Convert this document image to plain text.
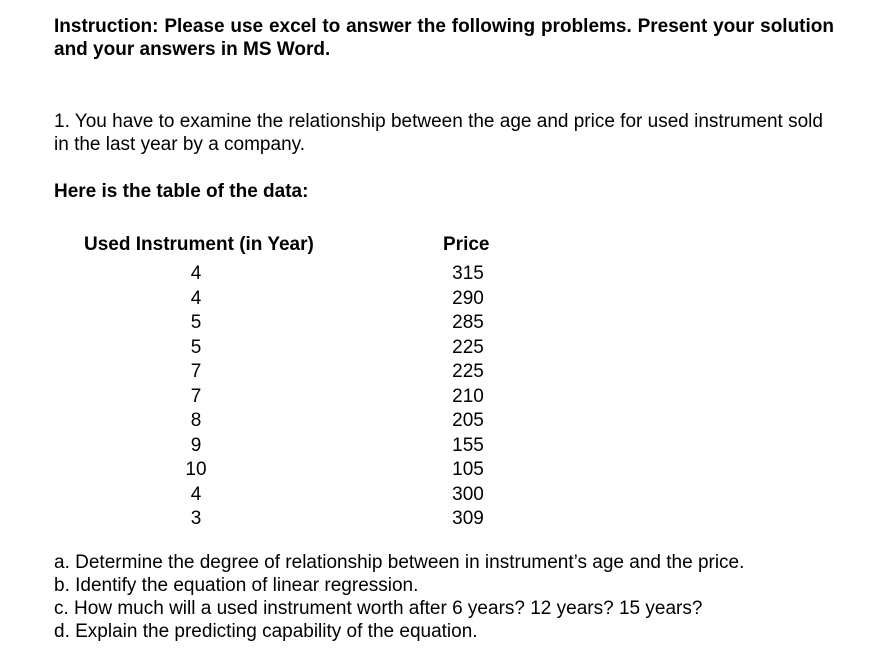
Instruction: Please use excel to answer the following problems. Present your solution and your answers in MS Word.
1. You have to examine the relationship between the age and price for used instrument sold in the last year by a company.
Here is the table of the data:
Used Instrument (in Year)	Price
4
4
5
5
7
7
8
9
10
4
3
315
290
285
225
225
210
205
155
105
300
309
a. Determine the degree of relationship between in instrument’s age and the price.
b. Identify the equation of linear regression.
c. How much will a used instrument worth after 6 years? 12 years? 15 years?
d. Explain the predicting capability of the equation.
